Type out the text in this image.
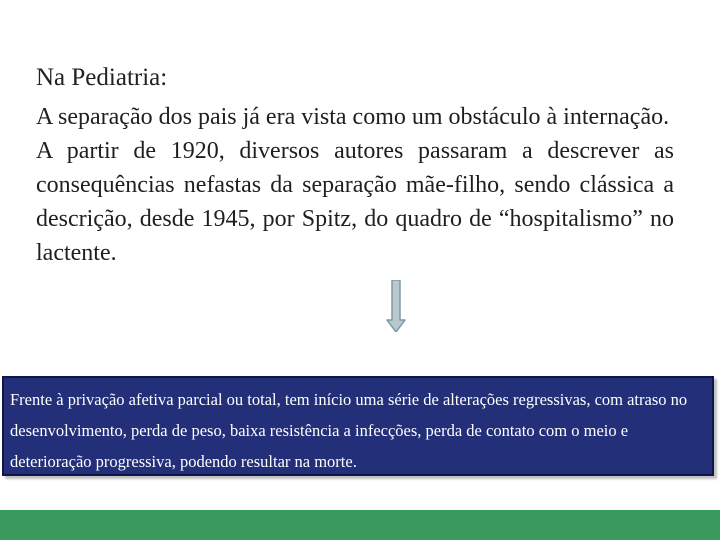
Na Pediatria:

A separação dos pais já era vista como um obstáculo à internação.

A partir de 1920, diversos autores passaram a descrever as consequências nefastas da separação mãe-filho, sendo clássica a descrição, desde 1945, por Spitz, do quadro de “hospitalismo” no lactente.

Frente à privação afetiva parcial ou total, tem início uma série de alterações regressivas, com atraso no desenvolvimento, perda de peso, baixa resistência a infecções, perda de contato com o meio e deterioração progressiva, podendo resultar na morte.
